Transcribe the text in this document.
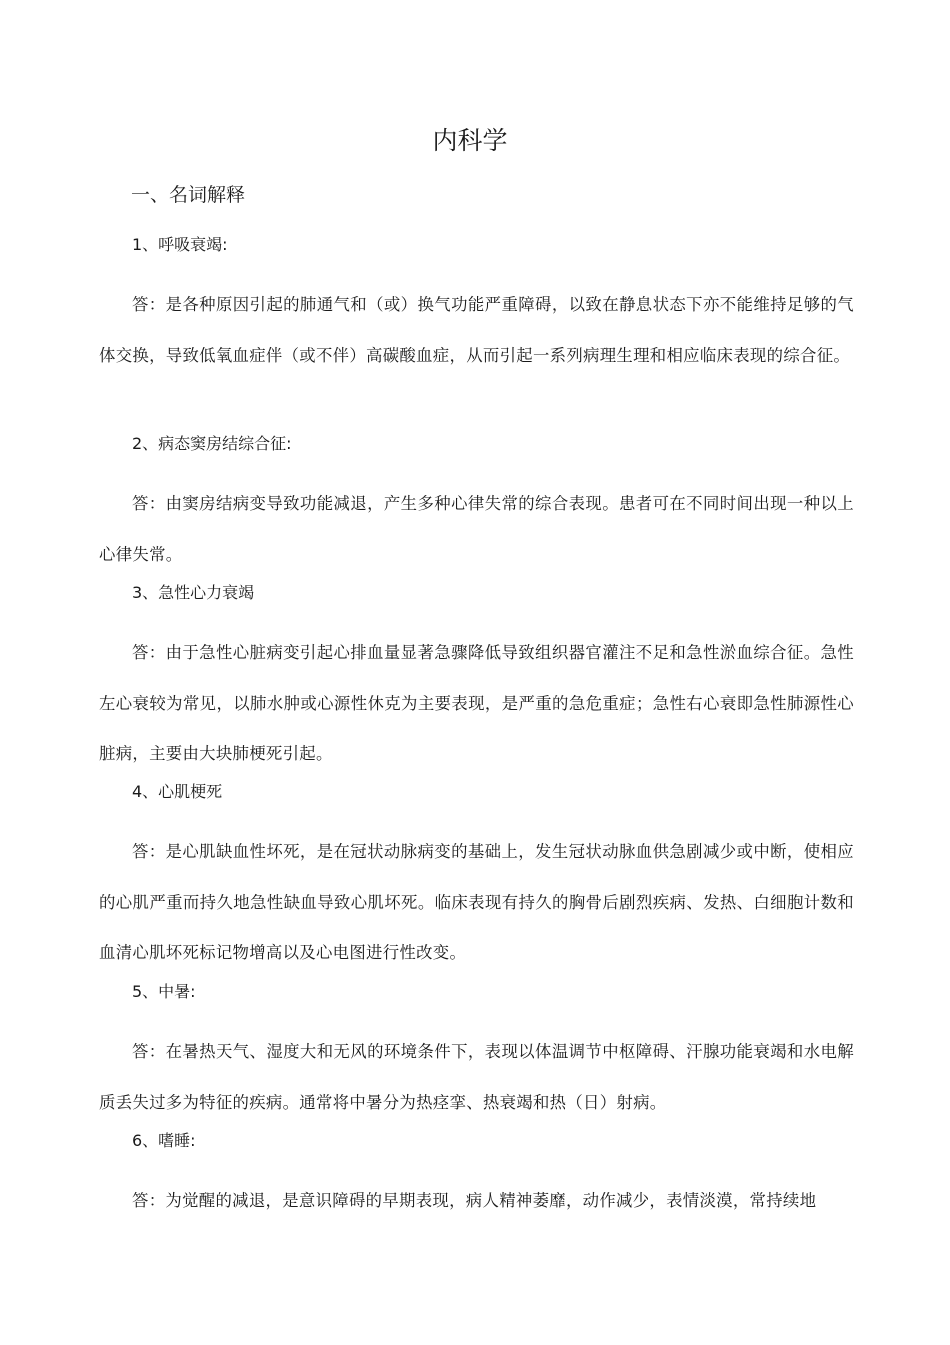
内科学
一、名词解释

1、呼吸衰竭:

答：是各种原因引起的肺通气和（或）换气功能严重障碍，以致在静息状态下亦不能维持足够的气体交换，导致低氧血症伴（或不伴）高碳酸血症，从而引起一系列病理生理和相应临床表现的综合征。

2、病态窦房结综合征:

答：由窦房结病变导致功能减退，产生多种心律失常的综合表现。患者可在不同时间出现一种以上心律失常。

3、急性心力衰竭

答：由于急性心脏病变引起心排血量显著急骤降低导致组织器官灌注不足和急性淤血综合征。急性左心衰较为常见，以肺水肿或心源性休克为主要表现，是严重的急危重症；急性右心衰即急性肺源性心脏病，主要由大块肺梗死引起。

4、心肌梗死

答：是心肌缺血性坏死，是在冠状动脉病变的基础上，发生冠状动脉血供急剧减少或中断，使相应的心肌严重而持久地急性缺血导致心肌坏死。临床表现有持久的胸骨后剧烈疾病、发热、白细胞计数和血清心肌坏死标记物增高以及心电图进行性改变。

5、中暑:

答：在暑热天气、湿度大和无风的环境条件下，表现以体温调节中枢障碍、汗腺功能衰竭和水电解质丢失过多为特征的疾病。通常将中暑分为热痉挛、热衰竭和热（日）射病。

6、嗜睡:

答：为觉醒的减退，是意识障碍的早期表现，病人精神萎靡，动作减少，表情淡漠，常持续地
